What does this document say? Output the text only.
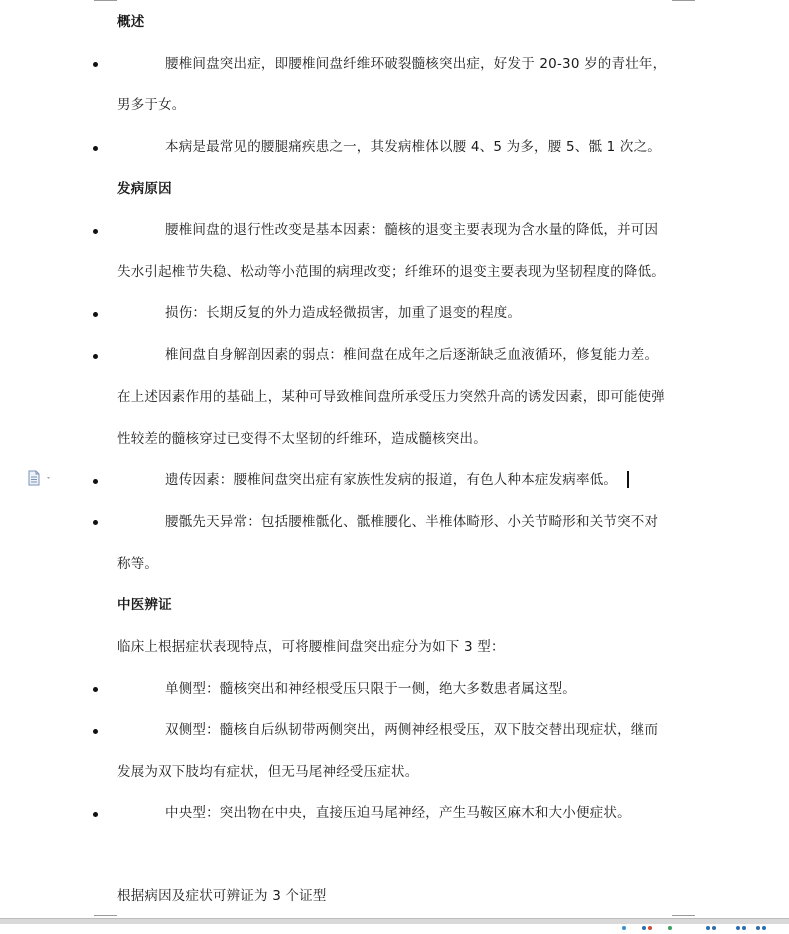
概述
腰椎间盘突出症，即腰椎间盘纤维环破裂髓核突出症，好发于 20-30 岁的青壮年，
男多于女。
本病是最常见的腰腿痛疾患之一，其发病椎体以腰 4、5 为多，腰 5、骶 1 次之。
发病原因
腰椎间盘的退行性改变是基本因素：髓核的退变主要表现为含水量的降低，并可因
失水引起椎节失稳、松动等小范围的病理改变；纤维环的退变主要表现为坚韧程度的降低。
损伤：长期反复的外力造成轻微损害，加重了退变的程度。
椎间盘自身解剖因素的弱点：椎间盘在成年之后逐渐缺乏血液循环，修复能力差。
在上述因素作用的基础上，某种可导致椎间盘所承受压力突然升高的诱发因素，即可能使弹
性较差的髓核穿过已变得不太坚韧的纤维环，造成髓核突出。
遗传因素：腰椎间盘突出症有家族性发病的报道，有色人种本症发病率低。
腰骶先天异常：包括腰椎骶化、骶椎腰化、半椎体畸形、小关节畸形和关节突不对
称等。
中医辨证
临床上根据症状表现特点，可将腰椎间盘突出症分为如下 3 型：
单侧型：髓核突出和神经根受压只限于一侧，绝大多数患者属这型。
双侧型：髓核自后纵韧带两侧突出，两侧神经根受压，双下肢交替出现症状，继而
发展为双下肢均有症状，但无马尾神经受压症状。
中央型：突出物在中央，直接压迫马尾神经，产生马鞍区麻木和大小便症状。
根据病因及症状可辨证为 3 个证型
